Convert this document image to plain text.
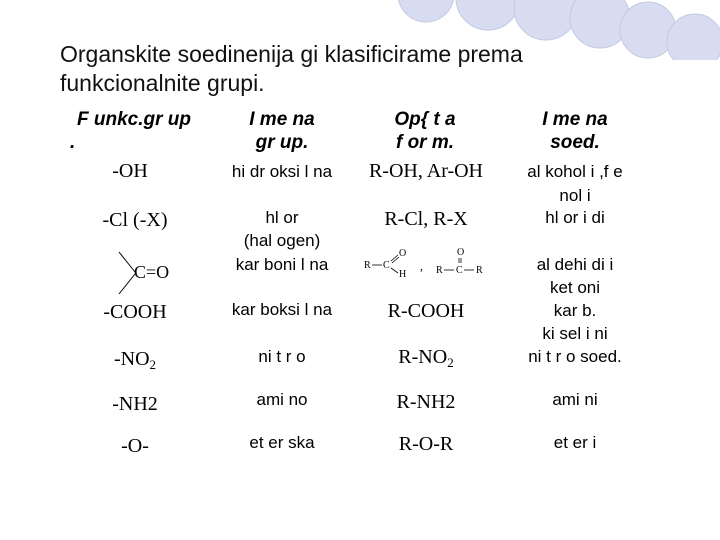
Organskite soedinenija gi klasificirame prema funkcionalnite grupi.
F unkc.gr up
.
I me na
gr up.
Op{ t a
f or m.
I me na
soed.
-OH
-Cl (-X)
C=O
-COOH
$-NO_2$
-NH2
-O-
hi dr oksi l na
hl or
(hal ogen)
kar boni l na
kar boksi l na
ni t r o
ami no
et er ska
R-OH, Ar-OH
R-Cl, R-X
R C
O
H
,
O
R C R
R-COOH
$R-NO_2$
R-NH2
R-O-R
al kohol i ,f e
nol i
hl or i di
al dehi di i
ket oni
kar b.
ki sel i ni
ni t r o soed.
ami ni
et er i
